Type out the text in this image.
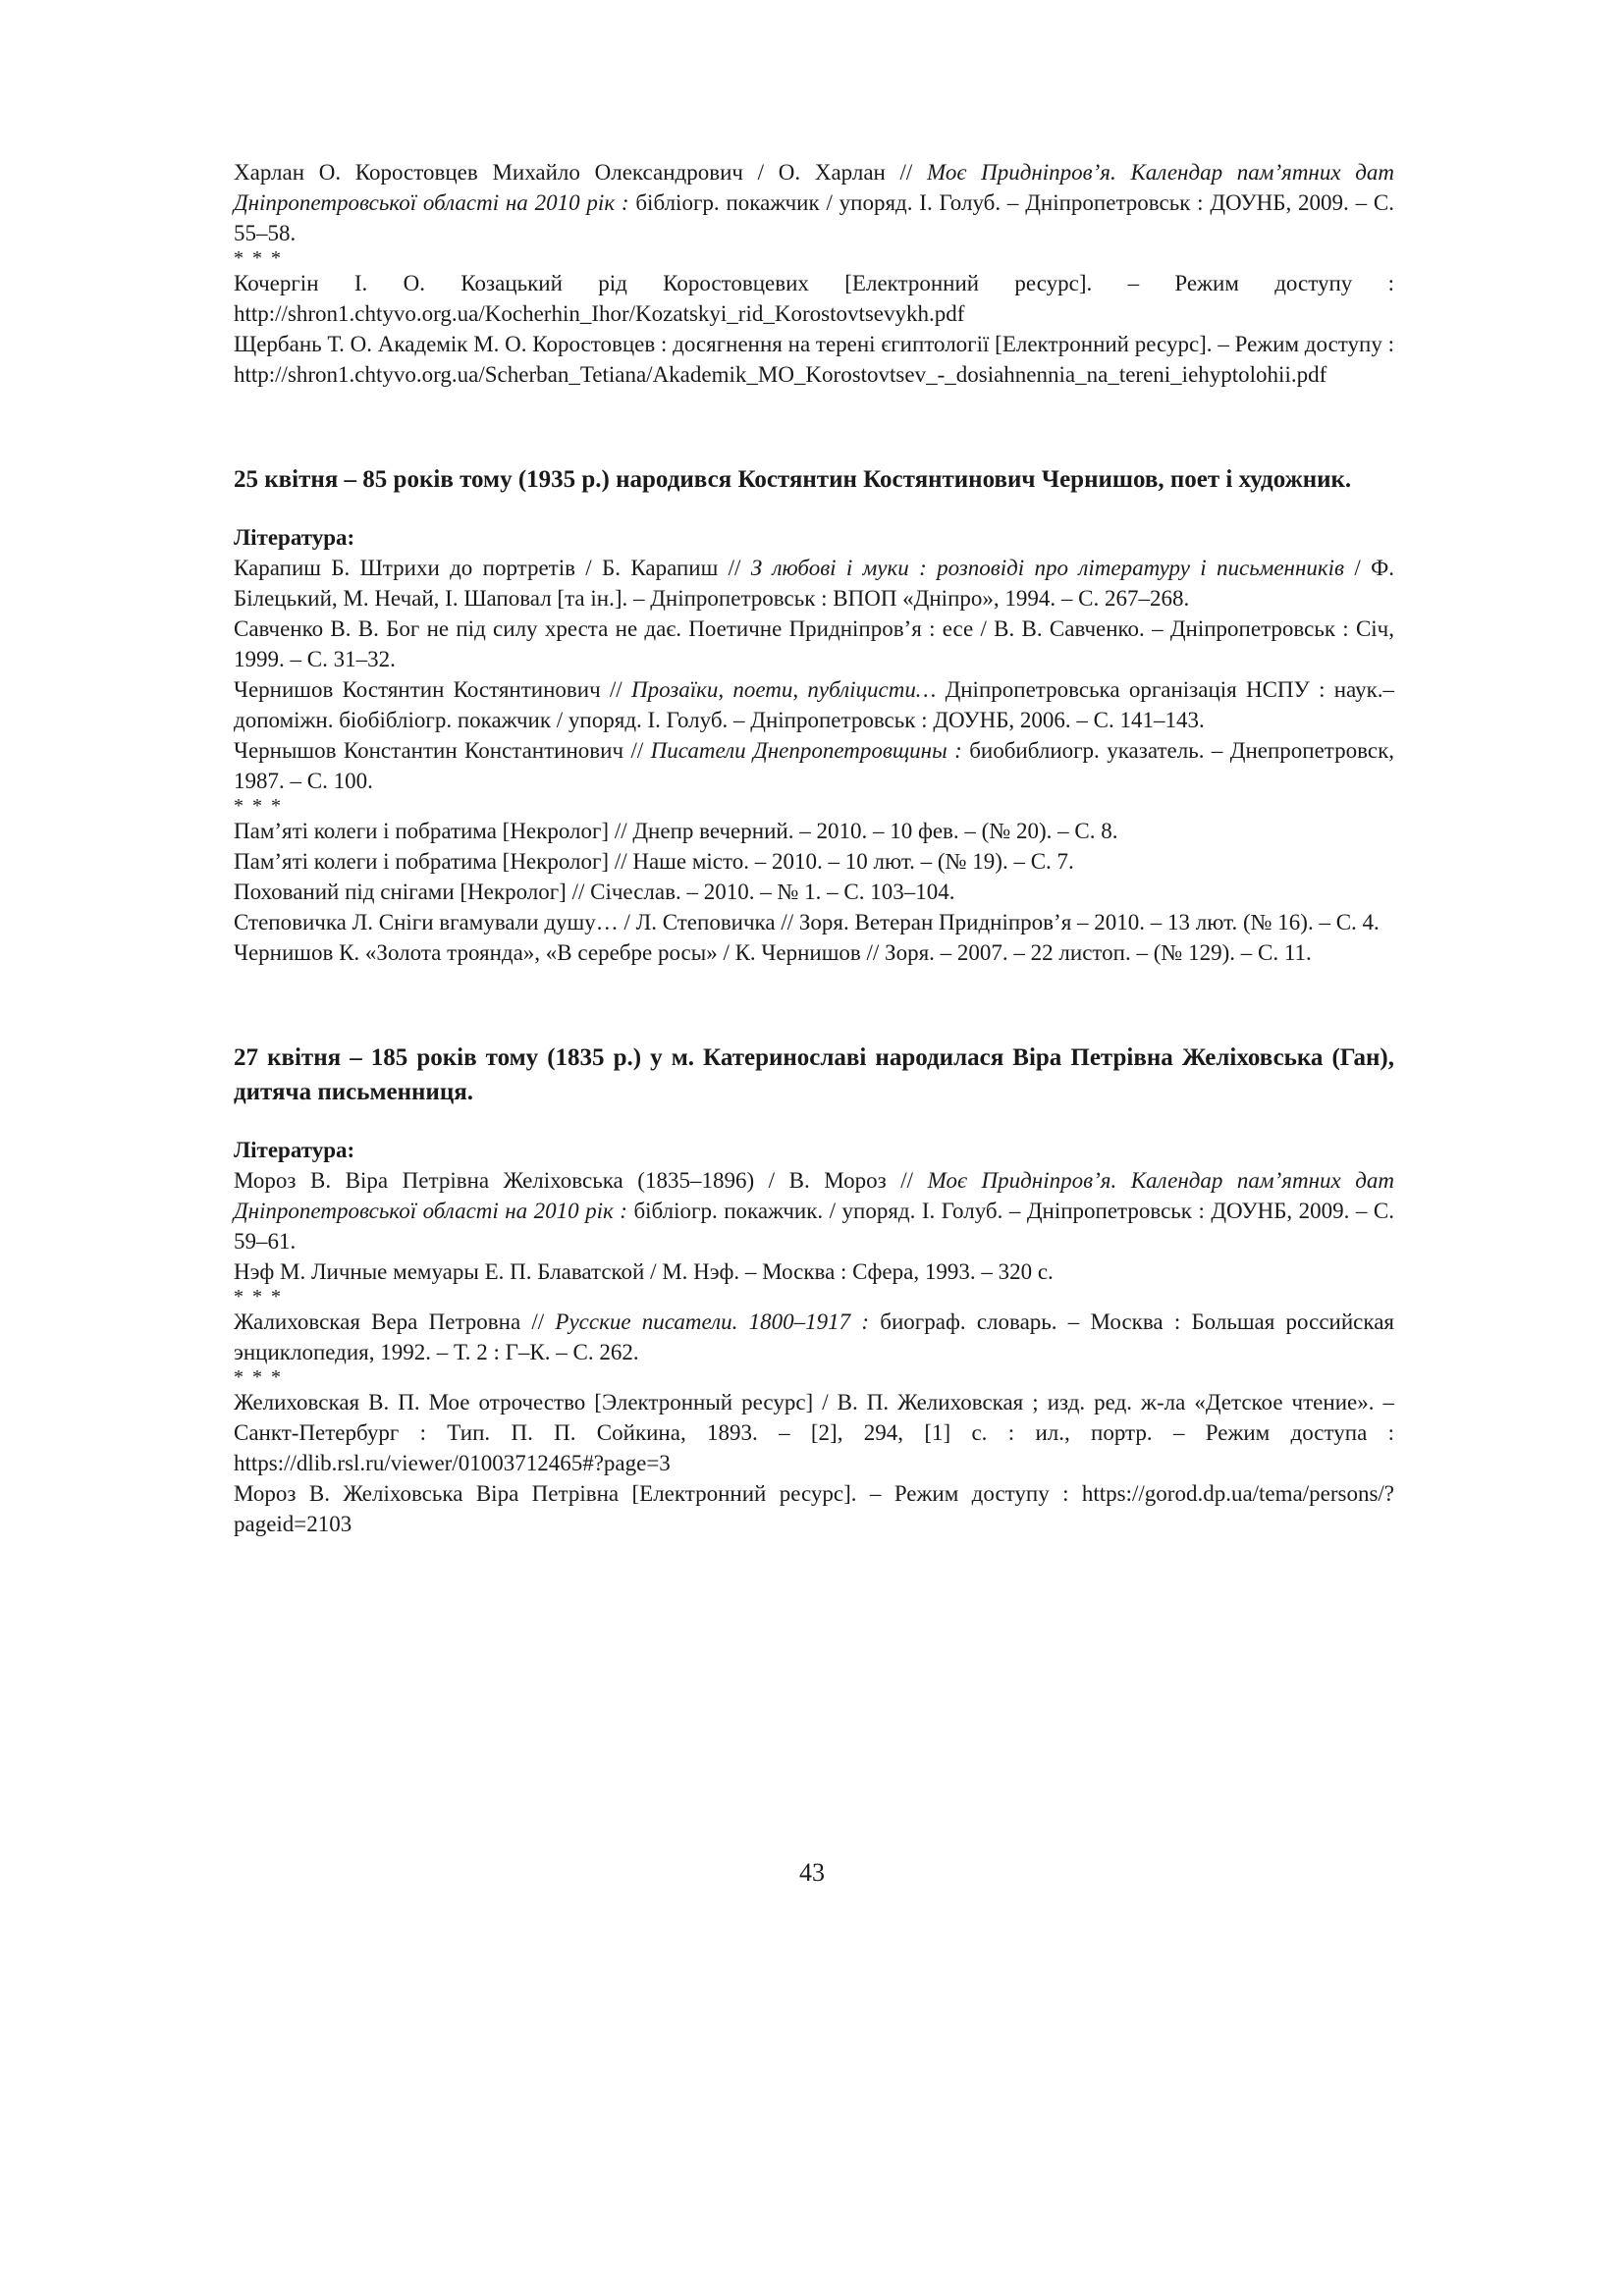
Харлан О. Коростовцев Михайло Олександрович / О. Харлан // Моє Придніпров’я. Календар пам’ятних дат Дніпропетровської області на 2010 рік : бібліогр. покажчик / упоряд. І. Голуб. – Дніпропетровськ : ДОУНБ, 2009. – С. 55–58.

* * *

Кочергін І. О. Козацький рід Коростовцевих [Електронний ресурс]. – Режим доступу : http://shron1.chtyvo.org.ua/Kocherhin_Ihor/Kozatskyi_rid_Korostovtsevykh.pdf

Щербань Т. О. Академік М. О. Коростовцев : досягнення на терені єгиптології [Електронний ресурс]. – Режим доступу : http://shron1.chtyvo.org.ua/Scherban_Tetiana/Akademik_MO_Korostovtsev_-_dosiahnennia_na_tereni_iehyptolohii.pdf

25 квітня – 85 років тому (1935 р.) народився Костянтин Костянтинович Чернишов, поет і художник.

Література:

Карапиш Б. Штрихи до портретів / Б. Карапиш // З любові і муки : розповіді про літературу і письменників / Ф. Білецький, М. Нечай, І. Шаповал [та ін.]. – Дніпропетровськ : ВПОП «Дніпро», 1994. – С. 267–268.

Савченко В. В. Бог не під силу хреста не дає. Поетичне Придніпров’я : есе / В. В. Савченко. – Дніпропетровськ : Січ, 1999. – С. 31–32.

Чернишов Костянтин Костянтинович // Прозаїки, поети, публіцисти… Дніпропетровська організація НСПУ : наук.–допоміжн. біобібліогр. покажчик / упоряд. І. Голуб. – Дніпропетровськ : ДОУНБ, 2006. – С. 141–143.

Чернышов Константин Константинович // Писатели Днепропетровщины : биобиблиогр. указатель. – Днепропетровск, 1987. – С. 100.

* * *

Пам’яті колеги і побратима [Некролог] // Днепр вечерний. – 2010. – 10 фев. – (№ 20). – С. 8.

Пам’яті колеги і побратима [Некролог] // Наше місто. – 2010. – 10 лют. – (№ 19). – С. 7.

Похований під снігами [Некролог] // Січеслав. – 2010. – № 1. – С. 103–104.

Степовичка Л. Сніги вгамували душу… / Л. Степовичка // Зоря. Ветеран Придніпров’я – 2010. – 13 лют. (№ 16). – С. 4.

Чернишов К. «Золота троянда», «В серебре росы» / К. Чернишов // Зоря. – 2007. – 22 листоп. – (№ 129). – С. 11.

27 квітня – 185 років тому (1835 р.) у м. Катеринославі народилася Віра Петрівна Желіховська (Ган), дитяча письменниця.

Література:

Мороз В. Віра Петрівна Желіховська (1835–1896) / В. Мороз // Моє Придніпров’я. Календар пам’ятних дат Дніпропетровської області на 2010 рік : бібліогр. покажчик. / упоряд. І. Голуб. – Дніпропетровськ : ДОУНБ, 2009. – С. 59–61.

Нэф М. Личные мемуары Е. П. Блаватской / М. Нэф. – Москва : Сфера, 1993. – 320 с.

* * *

Жалиховская Вера Петровна // Русские писатели. 1800–1917 : биограф. словарь. – Москва : Большая российская энциклопедия, 1992. – Т. 2 : Г–К. – С. 262.

* * *

Желиховская В. П. Мое отрочество [Электронный ресурс] / В. П. Желиховская ; изд. ред. ж-ла «Детское чтение». – Санкт-Петербург : Тип. П. П. Сойкина, 1893. – [2], 294, [1] с. : ил., портр. – Режим доступа : https://dlib.rsl.ru/viewer/01003712465#?page=3

Мороз В. Желіховська Віра Петрівна [Електронний ресурс]. – Режим доступу : https://gorod.dp.ua/tema/persons/?pageid=2103

43
